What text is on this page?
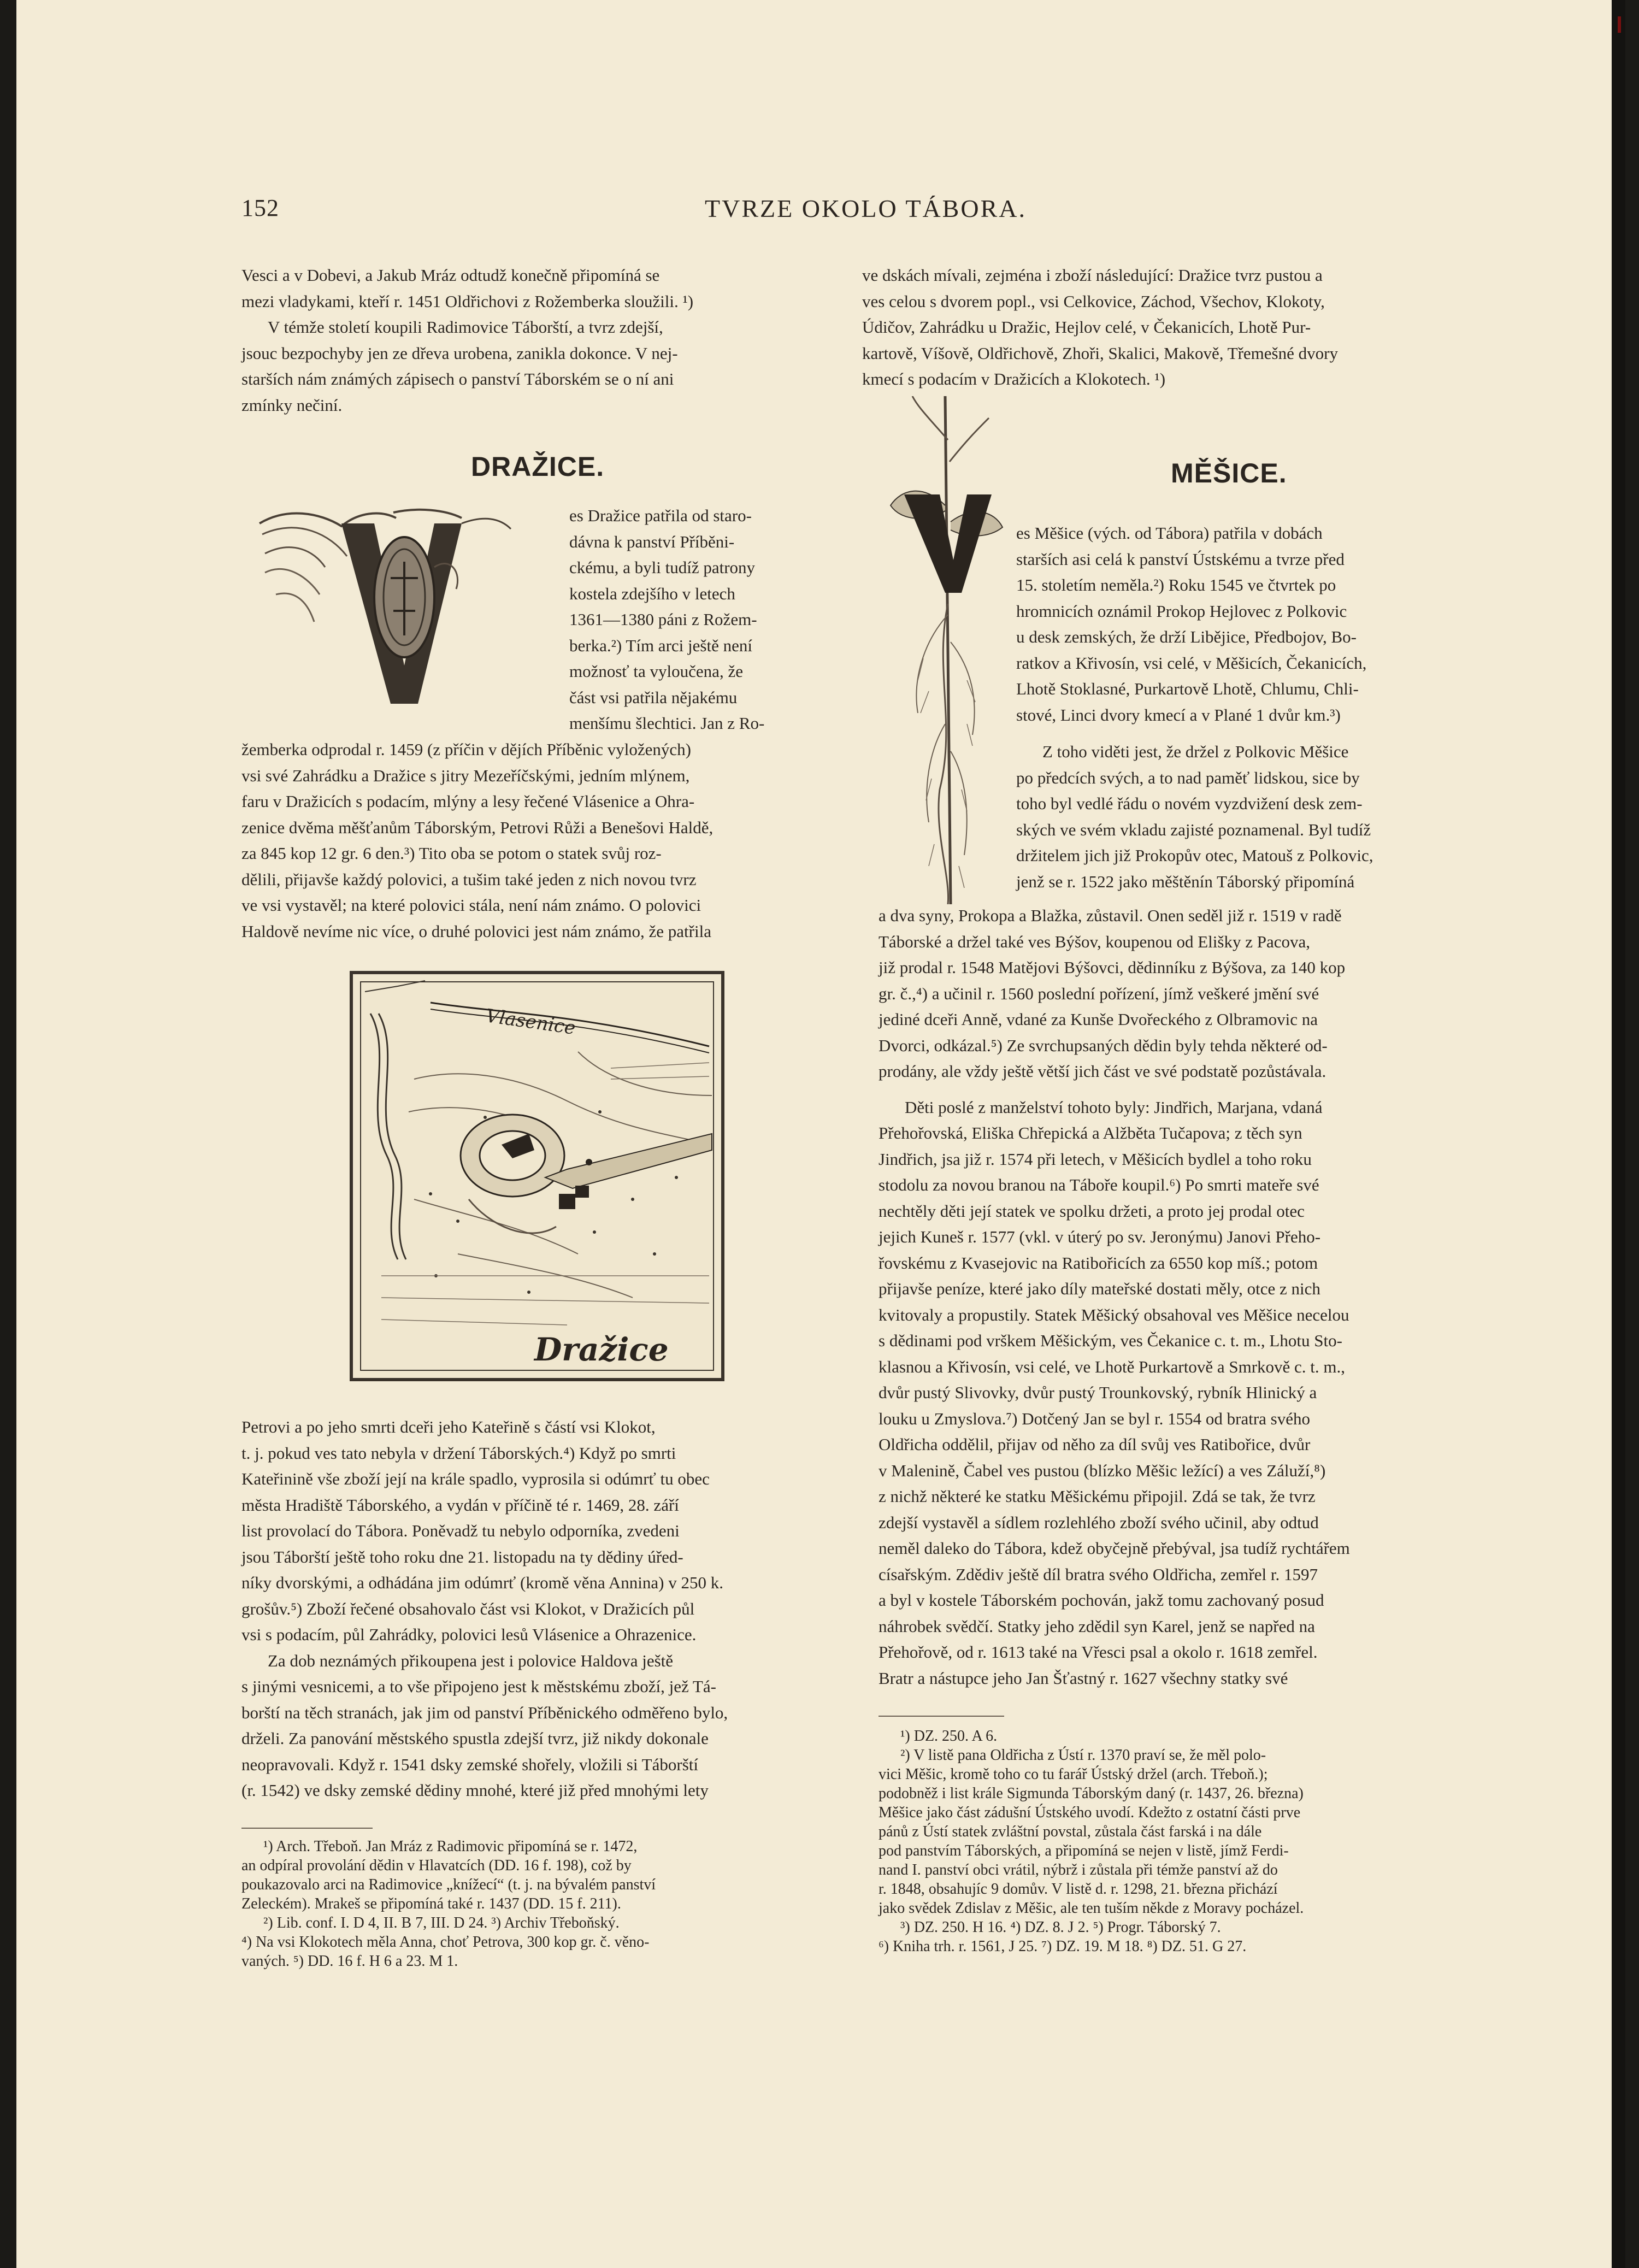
152	TVRZE OKOLO TÁBORA.

Vesci a v Dobevi, a Jakub Mráz odtudž konečně připomíná se

mezi vladykami, kteří r. 1451 Oldřichovi z Rožemberka sloužili. ¹)

V témže století koupili Radimovice Táborští, a tvrz zdejší,

jsouc bezpochyby jen ze dřeva urobena, zanikla dokonce. V nej-

starších nám známých zápisech o panství Táborském se o ní ani

zmínky nečiní.

DRAŽICE.

es Dražice patřila od staro-

dávna k panství Příběni-

ckému, a byli tudíž patrony

kostela zdejšího v letech

1361—1380 páni z Rožem-

berka.²) Tím arci ještě není

možnosť ta vyloučena, že

část vsi patřila nějakému

menšímu šlechtici. Jan z Ro-

žemberka odprodal r. 1459 (z příčin v dějích Příběnic vyložených)

vsi své Zahrádku a Dražice s jitry Mezeříčskými, jedním mlýnem,

faru v Dražicích s podacím, mlýny a lesy řečené Vlásenice a Ohra-

zenice dvěma měšťanům Táborským, Petrovi Růži a Benešovi Haldě,

za 845 kop 12 gr. 6 den.³) Tito oba se potom o statek svůj roz-

dělili, přijavše každý polovici, a tušim také jeden z nich novou tvrz

ve vsi vystavěl; na které polovici stála, není nám známo. O polovici

Haldově nevíme nic více, o druhé polovici jest nám známo, že patřila

Vlasenice
Dražice

Petrovi a po jeho smrti dceři jeho Kateřině s částí vsi Klokot,

t. j. pokud ves tato nebyla v držení Táborských.⁴) Když po smrti

Kateřinině vše zboží její na krále spadlo, vyprosila si odúmrť tu obec

města Hradiště Táborského, a vydán v příčině té r. 1469, 28. září

list provolací do Tábora. Poněvadž tu nebylo odporníka, zvedeni

jsou Táborští ještě toho roku dne 21. listopadu na ty dědiny úřed-

níky dvorskými, a odhádána jim odúmrť (kromě věna Annina) v 250 k.

grošův.⁵) Zboží řečené obsahovalo část vsi Klokot, v Dražicích půl

vsi s podacím, půl Zahrádky, polovici lesů Vlásenice a Ohrazenice.

Za dob neznámých přikoupena jest i polovice Haldova ještě

s jinými vesnicemi, a to vše připojeno jest k městskému zboží, jež Tá-

borští na těch stranách, jak jim od panství Příběnického odměřeno bylo,

drželi. Za panování městského spustla zdejší tvrz, již nikdy dokonale

neopravovali. Když r. 1541 dsky zemské shořely, vložili si Táborští

(r. 1542) ve dsky zemské dědiny mnohé, které již před mnohými lety

¹) Arch. Třeboň. Jan Mráz z Radimovic připomíná se r. 1472,

an odpíral provolání dědin v Hlavatcích (DD. 16 f. 198), což by

poukazovalo arci na Radimovice „knížecí“ (t. j. na bývalém panství

Zeleckém). Mrakeš se připomíná také r. 1437 (DD. 15 f. 211).

²) Lib. conf. I. D 4, II. B 7, III. D 24. ³) Archiv Třeboňský.

⁴) Na vsi Klokotech měla Anna, choť Petrova, 300 kop gr. č. věno-

vaných. ⁵) DD. 16 f. H 6 a 23. M 1.

ve dskách mívali, zejména i zboží následující: Dražice tvrz pustou a

ves celou s dvorem popl., vsi Celkovice, Záchod, Všechov, Klokoty,

Údičov, Zahrádku u Dražic, Hejlov celé, v Čekanicích, Lhotě Pur-

kartově, Víšově, Oldřichově, Zhoři, Skalici, Makově, Třemešné dvory

kmecí s podacím v Dražicích a Klokotech. ¹)

MĚŠICE.

es Měšice (vých. od Tábora) patřila v dobách

starších asi celá k panství Ústskému a tvrze před

15. stoletím neměla.²) Roku 1545 ve čtvrtek po

hromnicích oznámil Prokop Hejlovec z Polkovic

u desk zemských, že drží Liběјice, Předbojov, Bo-

ratkov a Křivosín, vsi celé, v Měšicích, Čekanicích,

Lhotě Stoklasné, Purkartově Lhotě, Chlumu, Chli-

stové, Linci dvory kmecí a v Plané 1 dvůr km.³)

Z toho viděti jest, že držel z Polkovic Měšice

po předcích svých, a to nad paměť lidskou, sice by

toho byl vedlé řádu o novém vyzdvižení desk zem-

ských ve svém vkladu zajisté poznamenal. Byl tudíž

držitelem jich již Prokopův otec, Matouš z Polkovic,

jenž se r. 1522 jako měštěnín Táborský připomíná

a dva syny, Prokopa a Blažka, zůstavil. Onen seděl již r. 1519 v radě

Táborské a držel také ves Býšov, koupenou od Elišky z Pacova,

již prodal r. 1548 Matějovi Býšovci, dědinníku z Býšova, za 140 kop

gr. č.,⁴) a učinil r. 1560 poslední pořízení, jímž veškeré jmění své

jediné dceři Anně, vdané za Kunše Dvořeckého z Olbramovic na

Dvorci, odkázal.⁵) Ze svrchupsaných dědin byly tehda některé od-

prodány, ale vždy ještě větší jich část ve své podstatě pozůstávala.

Děti poslé z manželství tohoto byly: Jindřich, Marjana, vdaná

Přehořovská, Eliška Chřepická a Alžběta Tučapova; z těch syn

Jindřich, jsa již r. 1574 při letech, v Měšicích bydlel a toho roku

stodolu za novou branou na Táboře koupil.⁶) Po smrti mateře své

nechtěly děti její statek ve spolku držeti, a proto jej prodal otec

jejich Kuneš r. 1577 (vkl. v úterý po sv. Jeronýmu) Janovi Přeho-

řovskému z Kvasejovic na Ratibořicích za 6550 kop míš.; potom

přijavše peníze, které jako díly mateřské dostati měly, otce z nich

kvitovaly a propustily. Statek Měšický obsahoval ves Měšice necelou

s dědinami pod vrškem Měšickým, ves Čekanice c. t. m., Lhotu Sto-

klasnou a Křivosín, vsi celé, ve Lhotě Purkartově a Smrkově c. t. m.,

dvůr pustý Slivovky, dvůr pustý Trounkovský, rybník Hlinický a

louku u Zmyslova.⁷) Dotčený Jan se byl r. 1554 od bratra svého

Oldřicha oddělil, přijav od něho za díl svůj ves Ratibořice, dvůr

v Malenině, Čabel ves pustou (blízko Měšic ležící) a ves Záluží,⁸)

z nichž některé ke statku Měšickému připojil. Zdá se tak, že tvrz

zdejší vystavěl a sídlem rozlehlého zboží svého učinil, aby odtud

neměl daleko do Tábora, kdež obyčejně přebýval, jsa tudíž rychtářem

císařským. Zdědiv ještě díl bratra svého Oldřicha, zemřel r. 1597

a byl v kostele Táborském pochován, jakž tomu zachovaný posud

náhrobek svědčí. Statky jeho zdědil syn Karel, jenž se napřed na

Přehořově, od r. 1613 také na Vřesci psal a okolo r. 1618 zemřel.

Bratr a nástupce jeho Jan Šťastný r. 1627 všechny statky své

¹) DZ. 250. A 6.

²) V listě pana Oldřicha z Ústí r. 1370 praví se, že měl polo-

vici Měšic, kromě toho co tu farář Ústský držel (arch. Třeboň.);

podobněž i list krále Sigmunda Táborským daný (r. 1437, 26. března)

Měšice jako část zádušní Ústského uvodí. Kdežto z ostatní části prve

pánů z Ústí statek zvláštní povstal, zůstala část farská i na dále

pod panstvím Táborských, a připomíná se nejen v listě, jímž Ferdi-

nand I. panství obci vrátil, nýbrž i zůstala při témže panství až do

r. 1848, obsahujíc 9 domův. V listě d. r. 1298, 21. března přichází

jako svědek Zdislav z Měšic, ale ten tuším někde z Moravy pocházel.

³) DZ. 250. H 16. ⁴) DZ. 8. J 2. ⁵) Progr. Táborský 7.

⁶) Kniha trh. r. 1561, J 25. ⁷) DZ. 19. M 18. ⁸) DZ. 51. G 27.
